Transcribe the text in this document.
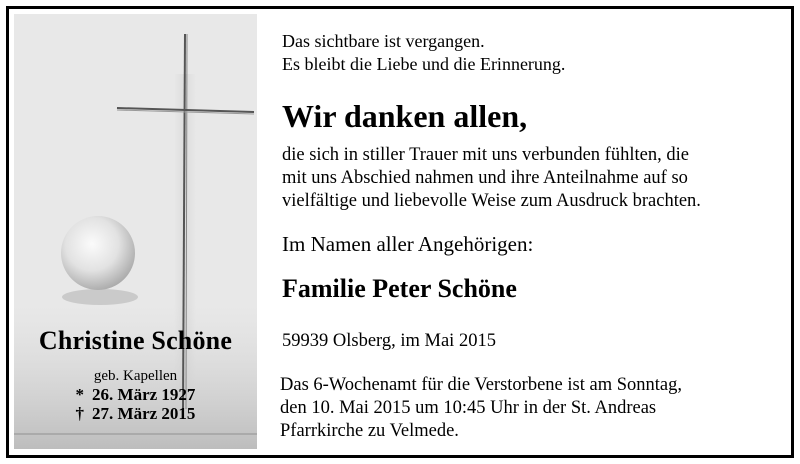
Christine Schöne
geb. Kapellen
* 26. März 1927
† 27. März 2015
Das sichtbare ist vergangen.
Es bleibt die Liebe und die Erinnerung.
Wir danken allen,
die sich in stiller Trauer mit uns verbunden fühlten, die
mit uns Abschied nahmen und ihre Anteilnahme auf so
vielfältige und liebevolle Weise zum Ausdruck brachten.
Im Namen aller Angehörigen:
Familie Peter Schöne
59939 Olsberg, im Mai 2015
Das 6-Wochenamt für die Verstorbene ist am Sonntag,
den 10. Mai 2015 um 10:45 Uhr in der St. Andreas
Pfarrkirche zu Velmede.
